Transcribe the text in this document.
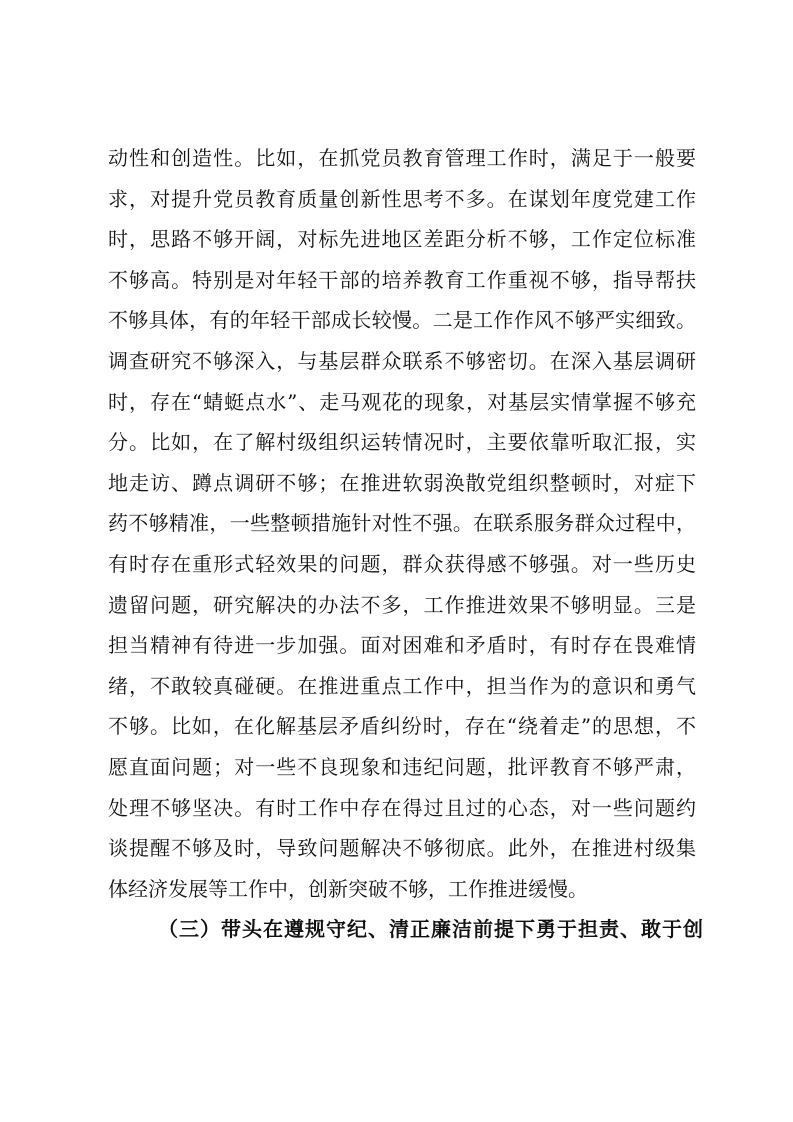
动性和创造性。比如，在抓党员教育管理工作时，满足于一般要
求，对提升党员教育质量创新性思考不多。在谋划年度党建工作
时，思路不够开阔，对标先进地区差距分析不够，工作定位标准
不够高。特别是对年轻干部的培养教育工作重视不够，指导帮扶
不够具体，有的年轻干部成长较慢。二是工作作风不够严实细致。
调查研究不够深入，与基层群众联系不够密切。在深入基层调研
时，存在“蜻蜓点水”、走马观花的现象，对基层实情掌握不够充
分。比如，在了解村级组织运转情况时，主要依靠听取汇报，实
地走访、蹲点调研不够；在推进软弱涣散党组织整顿时，对症下
药不够精准，一些整顿措施针对性不强。在联系服务群众过程中，
有时存在重形式轻效果的问题，群众获得感不够强。对一些历史
遗留问题，研究解决的办法不多，工作推进效果不够明显。三是
担当精神有待进一步加强。面对困难和矛盾时，有时存在畏难情
绪，不敢较真碰硬。在推进重点工作中，担当作为的意识和勇气
不够。比如，在化解基层矛盾纠纷时，存在“绕着走”的思想，不
愿直面问题；对一些不良现象和违纪问题，批评教育不够严肃，
处理不够坚决。有时工作中存在得过且过的心态，对一些问题约
谈提醒不够及时，导致问题解决不够彻底。此外，在推进村级集
体经济发展等工作中，创新突破不够，工作推进缓慢。
（三）带头在遵规守纪、清正廉洁前提下勇于担责、敢于创
